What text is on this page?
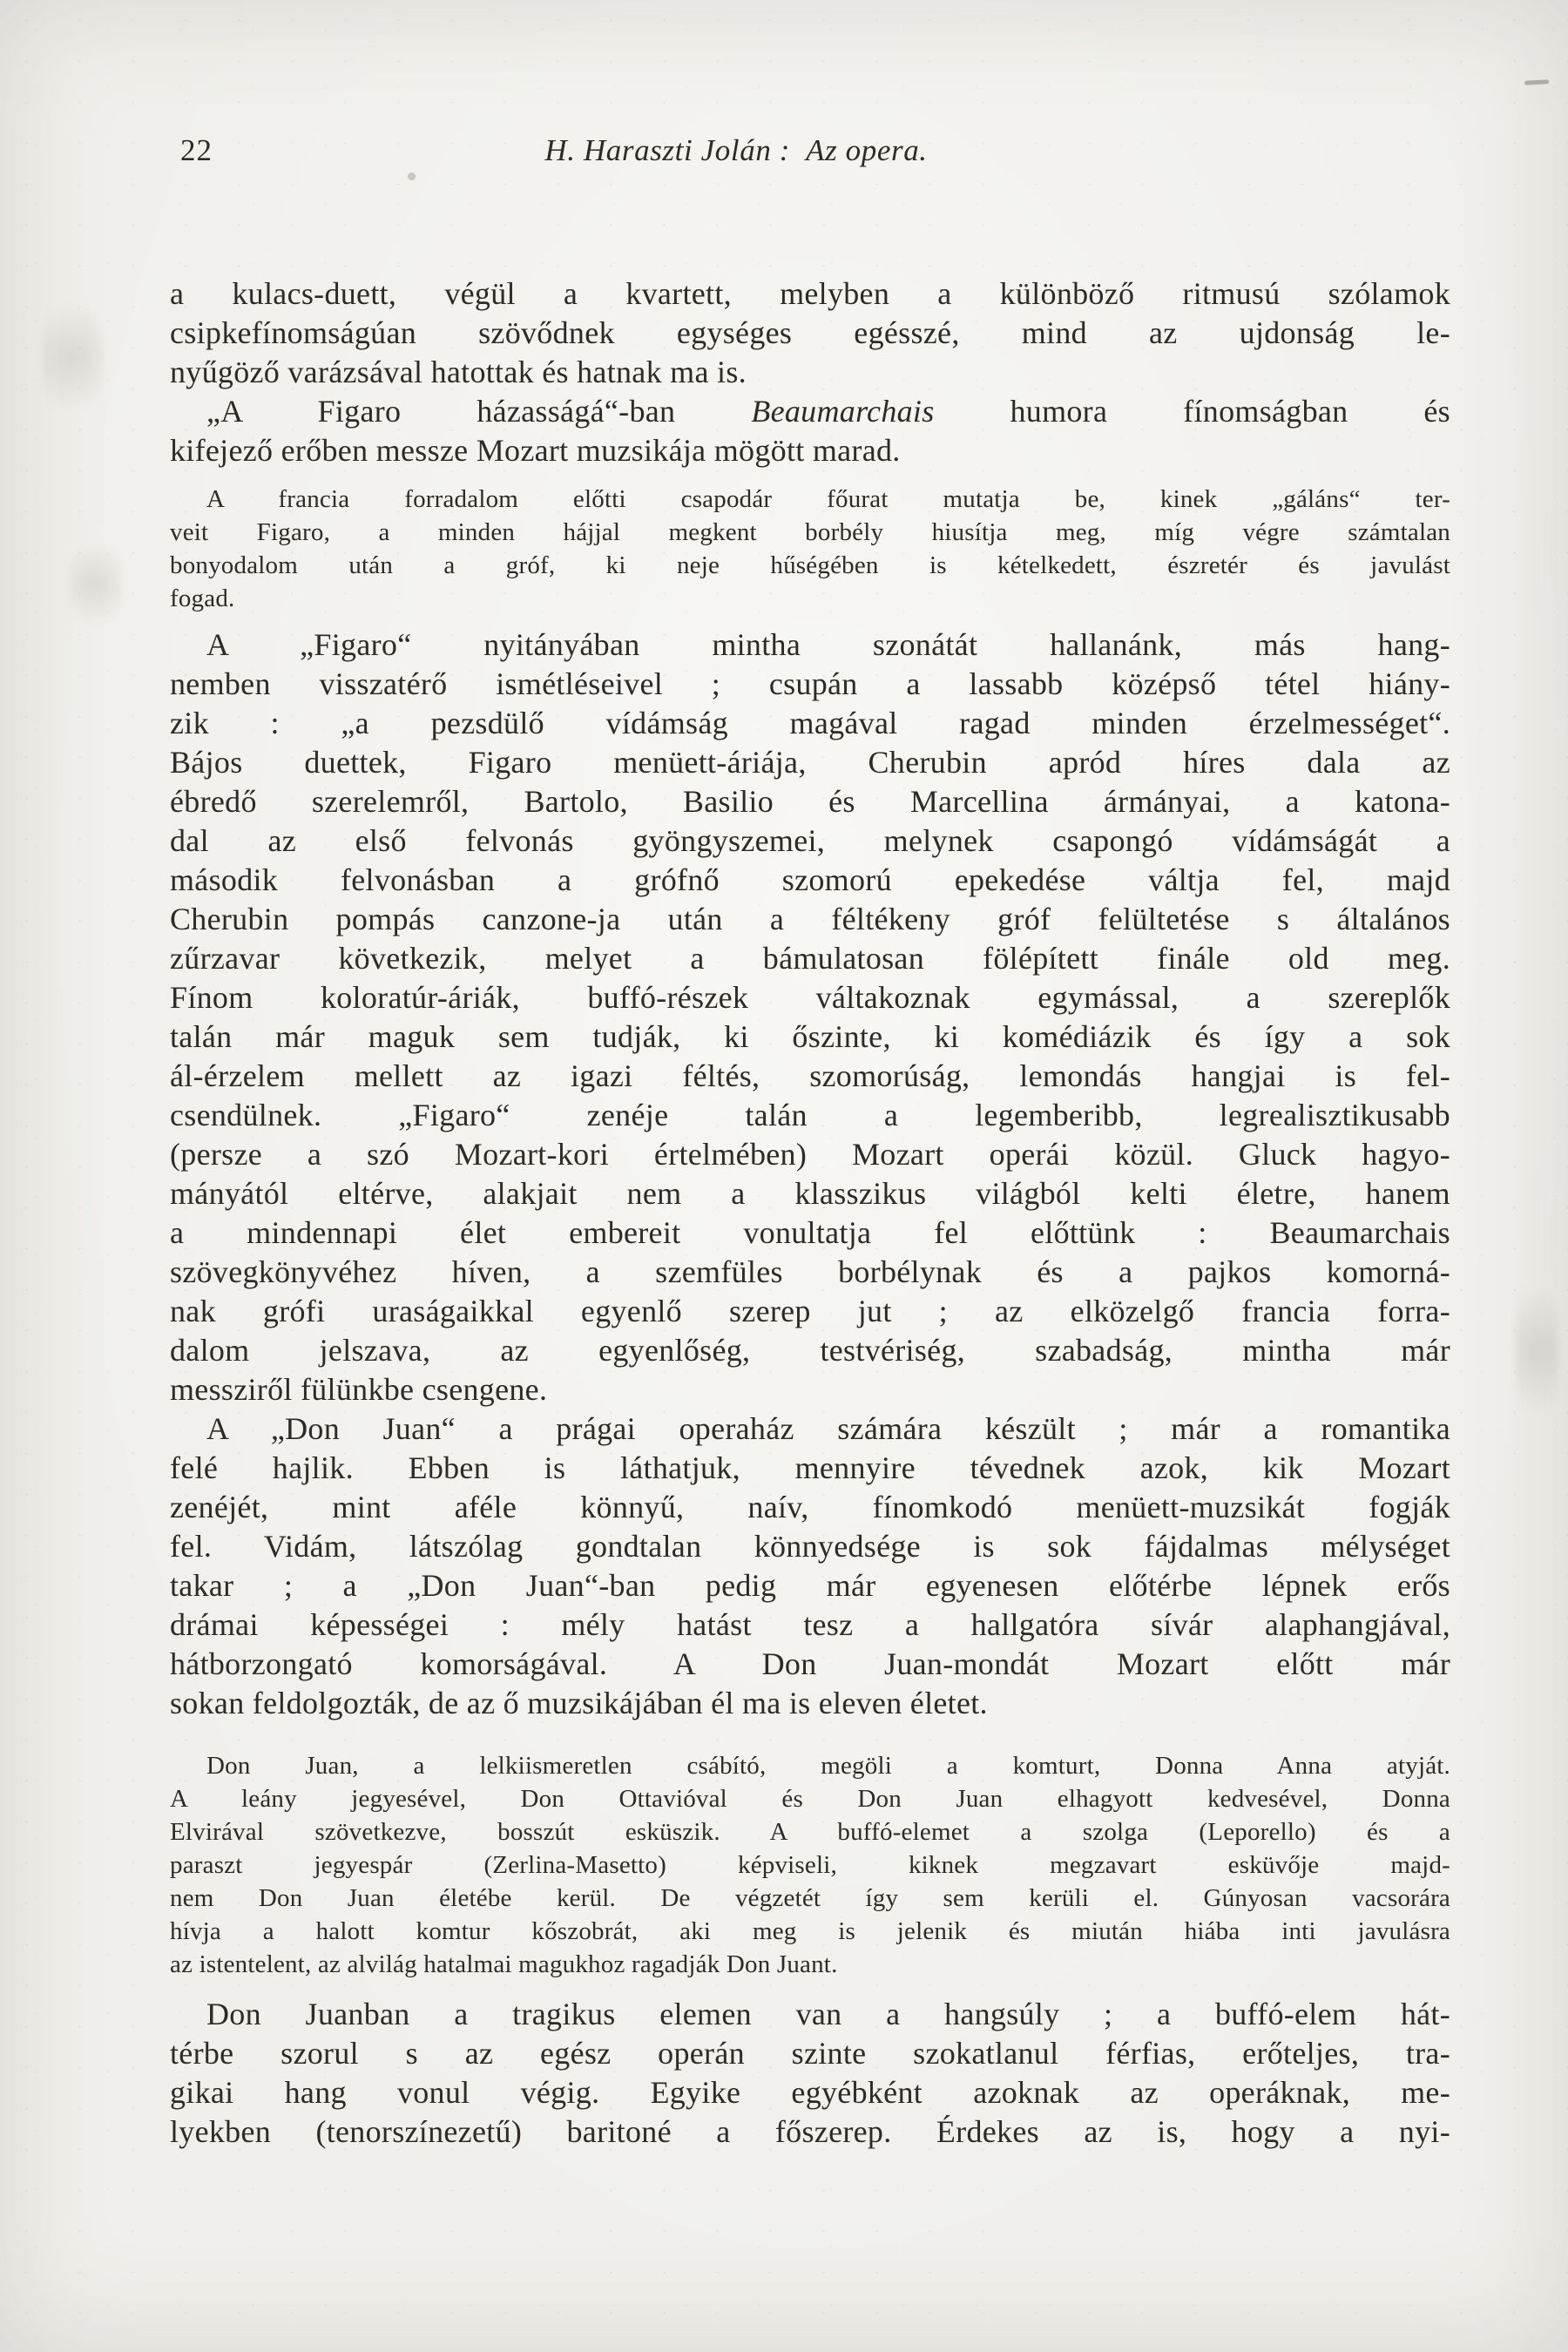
22	H. Haraszti Jolán :  Az opera.
a kulacs-duett, végül a kvartett, melyben a különböző ritmusú szólamok
csipkefínomságúan szövődnek egységes egésszé, mind az ujdonság le-
nyűgöző varázsával hatottak és hatnak ma is.
„A Figaro házasságá“-ban Beaumarchais humora fínomságban és
kifejező erőben messze Mozart muzsikája mögött marad.
A francia forradalom előtti csapodár főurat mutatja be, kinek „gáláns“ ter-
veit Figaro, a minden hájjal megkent borbély hiusítja meg, míg végre számtalan
bonyodalom után a gróf, ki neje hűségében is kételkedett, észretér és javulást
fogad.
A „Figaro“ nyitányában mintha szonátát hallanánk, más hang-
nemben visszatérő ismétléseivel ; csupán a lassabb középső tétel hiány-
zik : „a pezsdülő vídámság magával ragad minden érzelmességet“.
Bájos duettek, Figaro menüett-áriája, Cherubin apród híres dala az
ébredő szerelemről, Bartolo, Basilio és Marcellina ármányai, a katona-
dal az első felvonás gyöngyszemei, melynek csapongó vídámságát a
második felvonásban a grófnő szomorú epekedése váltja fel, majd
Cherubin pompás canzone-ja után a féltékeny gróf felültetése s általános
zűrzavar következik, melyet a bámulatosan fölépített finále old meg.
Fínom koloratúr-áriák, buffó-részek váltakoznak egymással, a szereplők
talán már maguk sem tudják, ki őszinte, ki komédiázik és így a sok
ál-érzelem mellett az igazi féltés, szomorúság, lemondás hangjai is fel-
csendülnek. „Figaro“ zenéje talán a legemberibb, legrealisztikusabb
(persze a szó Mozart-kori értelmében) Mozart operái közül. Gluck hagyo-
mányától eltérve, alakjait nem a klasszikus világból kelti életre, hanem
a mindennapi élet embereit vonultatja fel előttünk : Beaumarchais
szövegkönyvéhez híven, a szemfüles borbélynak és a pajkos komorná-
nak grófi uraságaikkal egyenlő szerep jut ; az elközelgő francia forra-
dalom jelszava, az egyenlőség, testvériség, szabadság, mintha már
messziről fülünkbe csengene.
A „Don Juan“ a prágai operaház számára készült ; már a romantika
felé hajlik. Ebben is láthatjuk, mennyire tévednek azok, kik Mozart
zenéjét, mint aféle könnyű, naív, fínomkodó menüett-muzsikát fogják
fel. Vidám, látszólag gondtalan könnyedsége is sok fájdalmas mélységet
takar ; a „Don Juan“-ban pedig már egyenesen előtérbe lépnek erős
drámai képességei : mély hatást tesz a hallgatóra sívár alaphangjával,
hátborzongató komorságával. A Don Juan-mondát Mozart előtt már
sokan feldolgozták, de az ő muzsikájában él ma is eleven életet.
Don Juan, a lelkiismeretlen csábító, megöli a komturt, Donna Anna atyját.
A leány jegyesével, Don Ottavióval és Don Juan elhagyott kedvesével, Donna
Elvirával szövetkezve, bosszút esküszik. A buffó-elemet a szolga (Leporello) és a
paraszt jegyespár (Zerlina-Masetto) képviseli, kiknek megzavart esküvője majd-
nem Don Juan életébe kerül. De végzetét így sem kerüli el. Gúnyosan vacsorára
hívja a halott komtur kőszobrát, aki meg is jelenik és miután hiába inti javulásra
az istentelent, az alvilág hatalmai magukhoz ragadják Don Juant.
Don Juanban a tragikus elemen van a hangsúly ; a buffó-elem hát-
térbe szorul s az egész operán szinte szokatlanul férfias, erőteljes, tra-
gikai hang vonul végig. Egyike egyébként azoknak az operáknak, me-
lyekben (tenorszínezetű) baritoné a főszerep. Érdekes az is, hogy a nyi-
